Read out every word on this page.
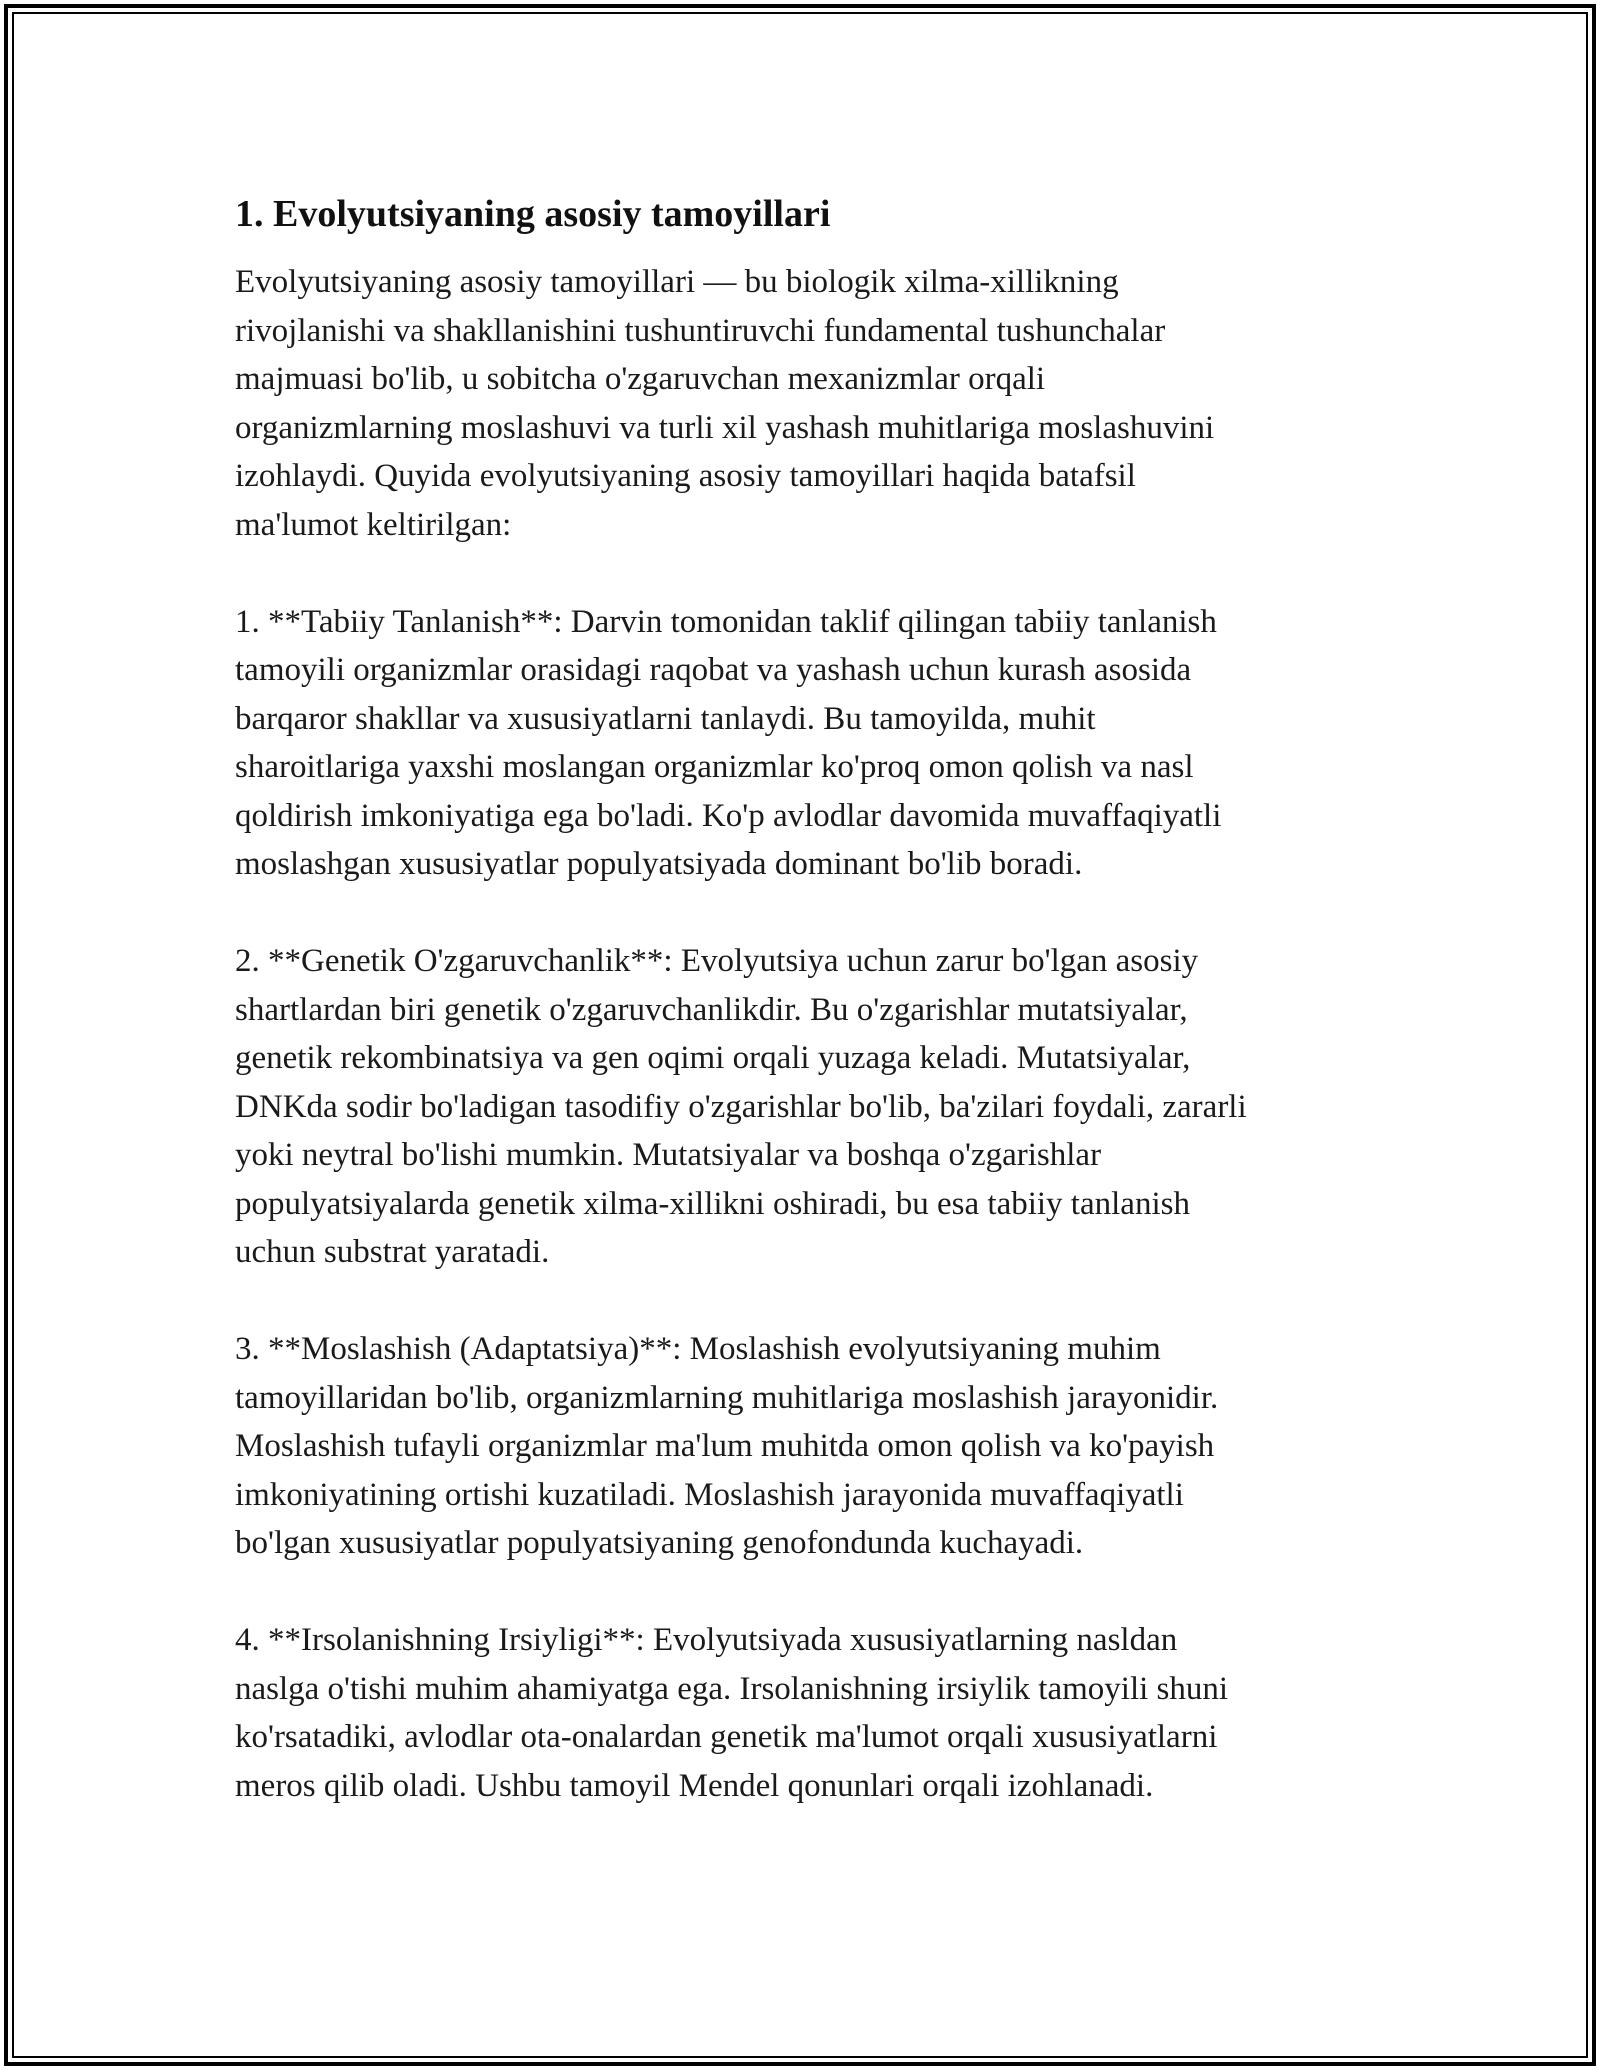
1. Evolyutsiyaning asosiy tamoyillari
Evolyutsiyaning asosiy tamoyillari — bu biologik xilma-xillikning
rivojlanishi va shakllanishini tushuntiruvchi fundamental tushunchalar
majmuasi bo'lib, u sobitcha o'zgaruvchan mexanizmlar orqali
organizmlarning moslashuvi va turli xil yashash muhitlariga moslashuvini
izohlaydi. Quyida evolyutsiyaning asosiy tamoyillari haqida batafsil
ma'lumot keltirilgan:
1. **Tabiiy Tanlanish**: Darvin tomonidan taklif qilingan tabiiy tanlanish
tamoyili organizmlar orasidagi raqobat va yashash uchun kurash asosida
barqaror shakllar va xususiyatlarni tanlaydi. Bu tamoyilda, muhit
sharoitlariga yaxshi moslangan organizmlar ko'proq omon qolish va nasl
qoldirish imkoniyatiga ega bo'ladi. Ko'p avlodlar davomida muvaffaqiyatli
moslashgan xususiyatlar populyatsiyada dominant bo'lib boradi.
2. **Genetik O'zgaruvchanlik**: Evolyutsiya uchun zarur bo'lgan asosiy
shartlardan biri genetik o'zgaruvchanlikdir. Bu o'zgarishlar mutatsiyalar,
genetik rekombinatsiya va gen oqimi orqali yuzaga keladi. Mutatsiyalar,
DNKda sodir bo'ladigan tasodifiy o'zgarishlar bo'lib, ba'zilari foydali, zararli
yoki neytral bo'lishi mumkin. Mutatsiyalar va boshqa o'zgarishlar
populyatsiyalarda genetik xilma-xillikni oshiradi, bu esa tabiiy tanlanish
uchun substrat yaratadi.
3. **Moslashish (Adaptatsiya)**: Moslashish evolyutsiyaning muhim
tamoyillaridan bo'lib, organizmlarning muhitlariga moslashish jarayonidir.
Moslashish tufayli organizmlar ma'lum muhitda omon qolish va ko'payish
imkoniyatining ortishi kuzatiladi. Moslashish jarayonida muvaffaqiyatli
bo'lgan xususiyatlar populyatsiyaning genofondunda kuchayadi.
4. **Irsolanishning Irsiyligi**: Evolyutsiyada xususiyatlarning nasldan
naslga o'tishi muhim ahamiyatga ega. Irsolanishning irsiylik tamoyili shuni
ko'rsatadiki, avlodlar ota-onalardan genetik ma'lumot orqali xususiyatlarni
meros qilib oladi. Ushbu tamoyil Mendel qonunlari orqali izohlanadi.
